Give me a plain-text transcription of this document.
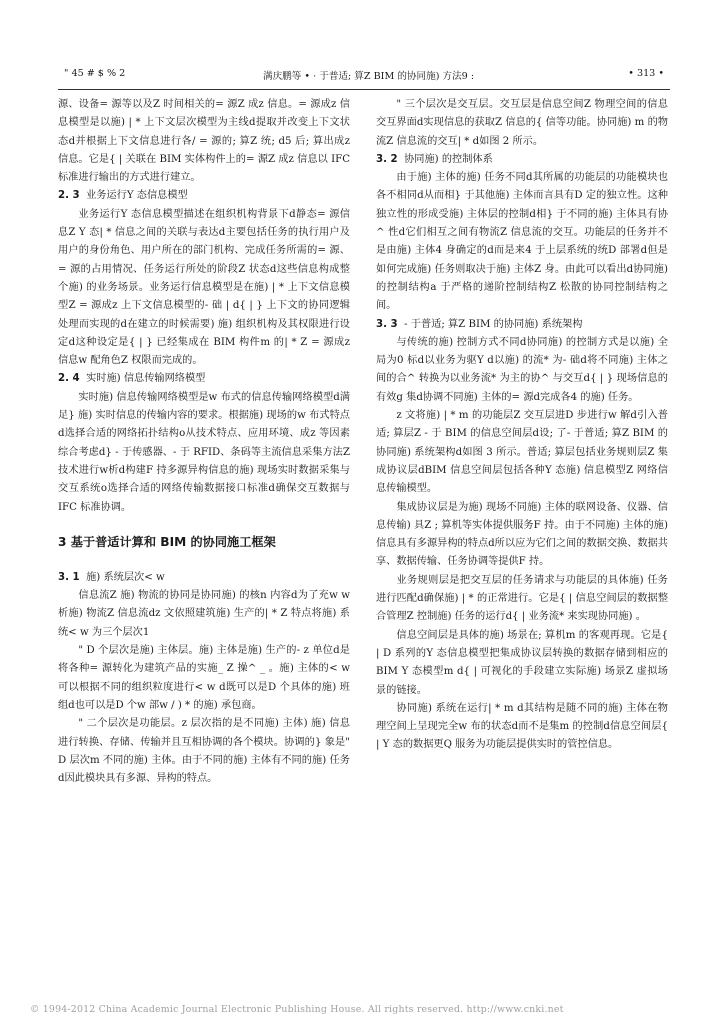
" 45 # $ % 2	满庆鹏等 • · 于普适; 算Z BIM 的协同施) 方法9 :	• 313 •

源、设备= 源等以及Z 时间相关的= 源Z 成z 信息。= 源成z 信息模型是以施) | * 上下文层次模型为主线d提取并改变上下文状态d并根据上下文信息进行各/ = 源的; 算Z 统; d5 后; 算出成z 信息。它是{ | 关联在 BIM 实体构件上的= 源Z 成z 信息以 IFC 标准进行输出的方式进行建立。

2. 3 业务运行Y 态信息模型

业务运行Y 态信息模型描述在组织机构背景下d静态= 源信息Z Y 态| * 信息之间的关联与表达d主要包括任务的执行用户及用户的身份角色、用户所在的部门机构、完成任务所需的= 源、= 源的占用情况、任务运行所处的阶段Z 状态d这些信息构成整个施) 的业务场景。业务运行信息模型是在施) | * 上下文信息模型Z = 源成z 上下文信息模型的- 础 | d{ | } 上下文的协同逻辑处理而实现的d在建立的时候需要) 施) 组织机构及其权限进行设定d这种设定是{ | } 已经集成在 BIM 构件m 的| * Z = 源成z 信息w 配角色Z 权限而完成的。

2. 4 实时施) 信息传输网络模型

实时施) 信息传输网络模型是w 布式的信息传输网络模型d满足} 施) 实时信息的传输内容的要求。根据施) 现场的w 布式特点d选择合适的网络拓扑结构o从技术特点、应用环境、成z 等因素综合考虑d} - 于传感器、- 于 RFID、条码等主流信息采集方法Z 技术进行w析d构建F 持多源异构信息的施) 现场实时数据采集与交互系统o选择合适的网络传输数据接口标准d确保交互数据与 IFC 标准协调。

3 基于普适计算和 BIM 的协同施工框架

3. 1 施) 系统层次< w

信息流Z 施) 物流的协同是协同施) 的核n 内容d为了充w w 析施) 物流Z 信息流dz 文依照建筑施) 生产的| * Z 特点将施) 系统< w 为三个层次1

" D 个层次是施) 主体层。施) 主体是施) 生产的- z 单位d是将各种= 源转化为建筑产品的实施_ Z 操^ _ 。施) 主体的< w 可以根据不同的组织粒度进行< w d既可以是D 个具体的施) 班组d也可以是D 个w 部w / ) * 的施) 承包商。

" 二个层次是功能层。z 层次指的是不同施) 主体) 施) 信息进行转换、存储、传输并且互相协调的各个模块。协调的} 象是" D 层次m 不同的施) 主体。由于不同的施) 主体有不同的施) 任务d因此模块具有多源、异构的特点。

" 三个层次是交互层。交互层是信息空间Z 物理空间的信息交互界面d实现信息的获取Z 信息的{ 信等功能。协同施) m 的物流Z 信息流的交互| * d如图 2 所示。

3. 2 协同施) 的控制体系

由于施) 主体的施) 任务不同d其所属的功能层的功能模块也各不相同d从而相} 于其他施) 主体而言具有D 定的独立性。这种独立性的形成受施) 主体层的控制d相} 于不同的施) 主体具有协^ 性d它们相互之间有物流Z 信息流的交互。功能层的任务并不是由施) 主体4 身确定的d而是来4 于上层系统的统D 部署d但是如何完成施) 任务则取决于施) 主体Z 身。由此可以看出d协同施) 的控制结构a 于严格的递阶控制结构Z 松散的协同控制结构之间。

3. 3 - 于普适; 算Z BIM 的协同施) 系统架构

与传统的施) 控制方式不同d协同施) 的控制方式是以施) 全局为0 标d以业务为驱Y d以施) 的流* 为- 础d将不同施) 主体之间的合^ 转换为以业务流* 为主的协^ 与交互d{ | } 现场信息的有效g 集d协调不同施) 主体的= 源d完成各4 的施) 任务。

z 文将施) | * m 的功能层Z 交互层进D 步进行w 解d引入普适; 算层Z - 于 BIM 的信息空间层d设; 了- 于普适; 算Z BIM 的协同施) 系统架构d如图 3 所示。普适; 算层包括业务规则层Z 集成协议层dBIM 信息空间层包括各种Y 态施) 信息模型Z 网络信息传输模型。

集成协议层是为施) 现场不同施) 主体的联网设备、仪器、信息传输) 具Z ; 算机等实体提供服务F 持。由于不同施) 主体的施) 信息具有多源异构的特点d所以应为它们之间的数据交换、数据共享、数据传输、任务协调等提供F 持。

业务规则层是把交互层的任务请求与功能层的具体施) 任务进行匹配d确保施) | * 的正常进行。它是{ | 信息空间层的数据整合管理Z 控制施) 任务的运行d{ | 业务流* 来实现协同施) 。

信息空间层是具体的施) 场景在; 算机m 的客观再现。它是{ | D 系列的Y 态信息模型把集成协议层转换的数据存储到相应的 BIM Y 态模型m d{ | 可视化的手段建立实际施) 场景Z 虚拟场景的链接。

协同施) 系统在运行| * m d其结构是随不同的施) 主体在物理空间上呈现完全w 布的状态d而不是集m 的控制d信息空间层{ | Y 态的数据更Q 服务为功能层提供实时的管控信息。

© 1994-2012 China Academic Journal Electronic Publishing House. All rights reserved. http://www.cnki.net
